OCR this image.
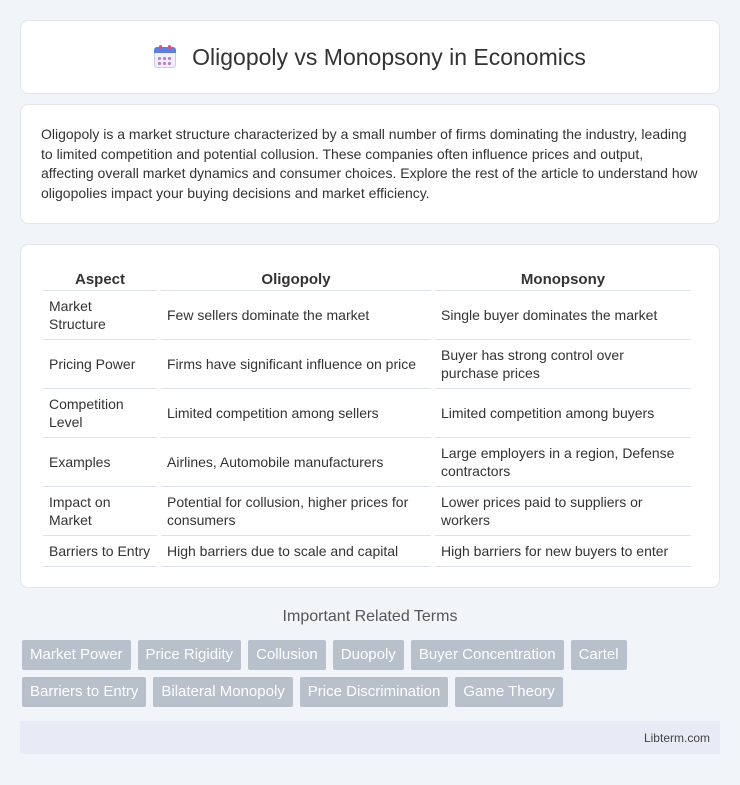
Oligopoly vs Monopsony in Economics

Oligopoly is a market structure characterized by a small number of firms dominating the industry, leading to limited competition and potential collusion. These companies often influence prices and output, affecting overall market dynamics and consumer choices. Explore the rest of the article to understand how oligopolies impact your buying decisions and market efficiency.

Aspect	Oligopoly	Monopsony
Market Structure	Few sellers dominate the market	Single buyer dominates the market
Pricing Power	Firms have significant influence on price	Buyer has strong control over purchase prices
Competition Level	Limited competition among sellers	Limited competition among buyers
Examples	Airlines, Automobile manufacturers	Large employers in a region, Defense contractors
Impact on Market	Potential for collusion, higher prices for consumers	Lower prices paid to suppliers or workers
Barriers to Entry	High barriers due to scale and capital	High barriers for new buyers to enter
Important Related Terms
Market Power	Price Rigidity	Collusion	Duopoly	Buyer Concentration	Cartel
Barriers to Entry	Bilateral Monopoly	Price Discrimination	Game Theory
Libterm.com
